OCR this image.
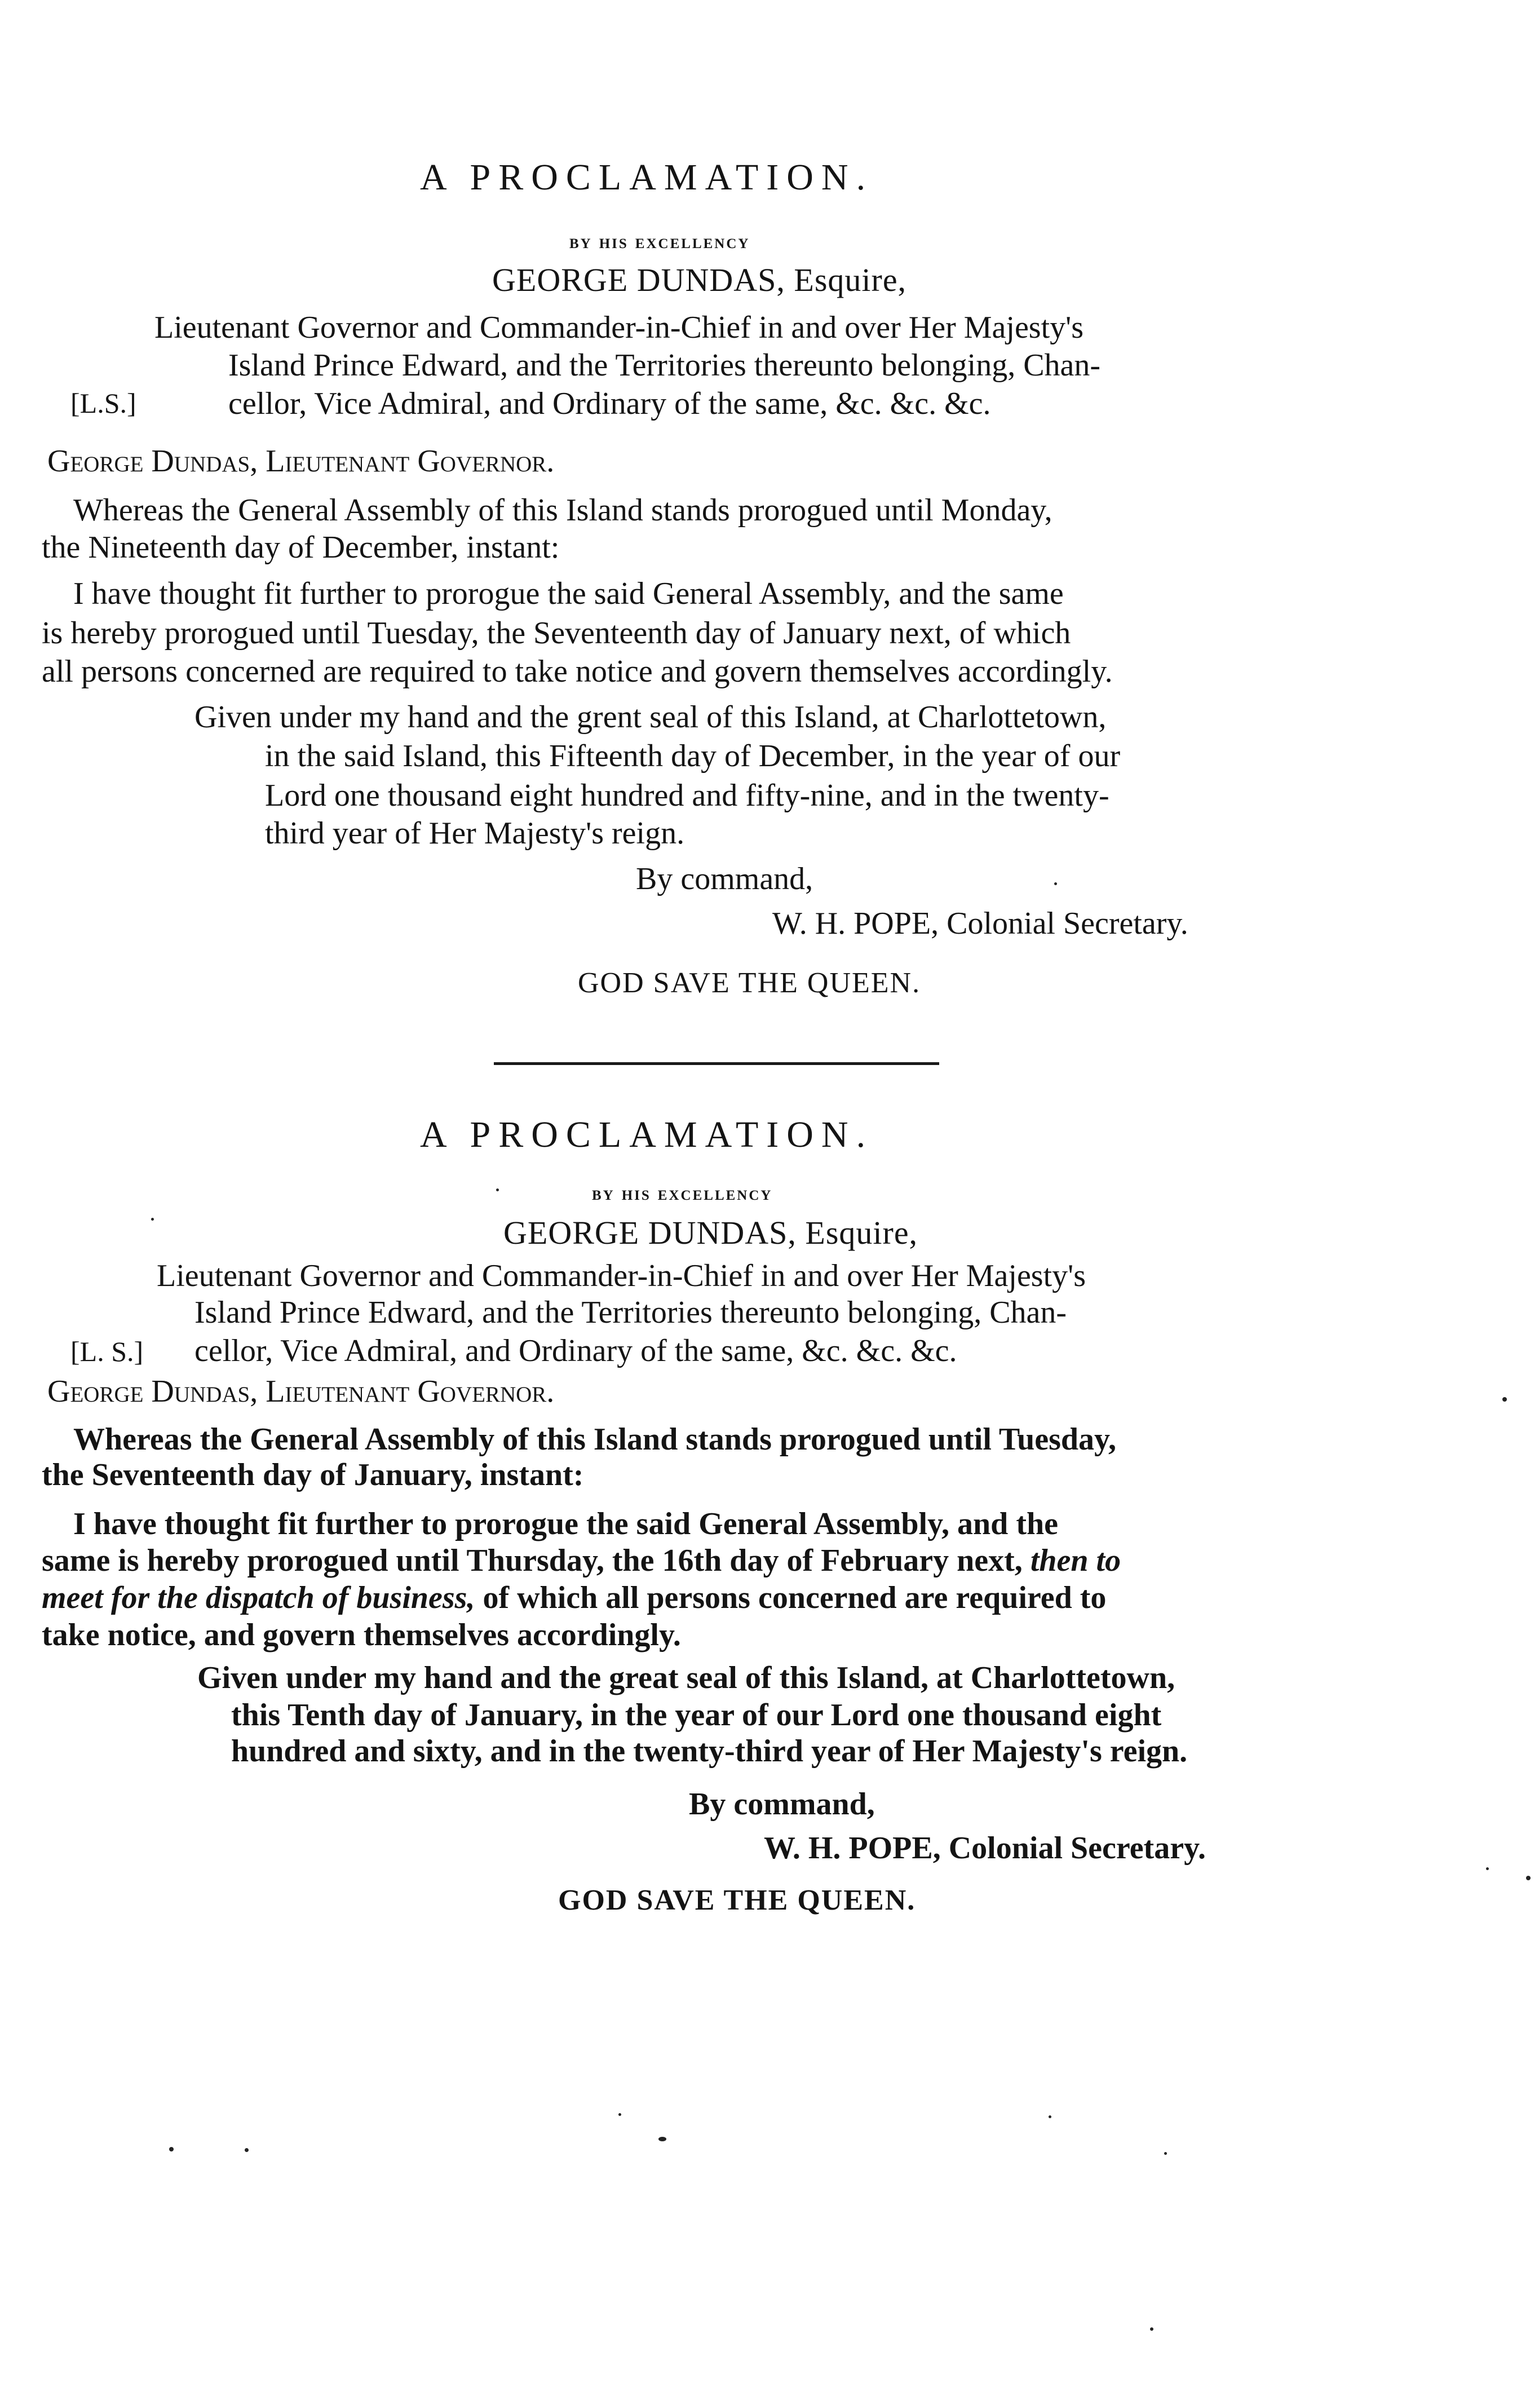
A PROCLAMATION.
by his excellency
GEORGE DUNDAS, Esquire,
Lieutenant Governor and Commander-in-Chief in and over Her Majesty's
Island Prince Edward, and the Territories thereunto belonging, Chan-
[L.S.]	cellor, Vice Admiral, and Ordinary of the same, &c. &c. &c.
George Dundas, Lieutenant Governor.
Whereas the General Assembly of this Island stands prorogued until Monday,
the Nineteenth day of December, instant:
I have thought fit further to prorogue the said General Assembly, and the same
is hereby prorogued until Tuesday, the Seventeenth day of January next, of which
all persons concerned are required to take notice and govern themselves accordingly.
Given under my hand and the grent seal of this Island, at Charlottetown,
in the said Island, this Fifteenth day of December, in the year of our
Lord one thousand eight hundred and fifty-nine, and in the twenty-
third year of Her Majesty's reign.
By command,
W. H. POPE, Colonial Secretary.
GOD SAVE THE QUEEN.
A PROCLAMATION.
by his excellency
GEORGE DUNDAS, Esquire,
Lieutenant Governor and Commander-in-Chief in and over Her Majesty's
Island Prince Edward, and the Territories thereunto belonging, Chan-
[L. S.] cellor, Vice Admiral, and Ordinary of the same, &c. &c. &c.
George Dundas, Lieutenant Governor.
Whereas the General Assembly of this Island stands prorogued until Tuesday,
the Seventeenth day of January, instant:
I have thought fit further to prorogue the said General Assembly, and the
same is hereby prorogued until Thursday, the 16th day of February next, then to
meet for the dispatch of business, of which all persons concerned are required to
take notice, and govern themselves accordingly.
Given under my hand and the great seal of this Island, at Charlottetown,
this Tenth day of January, in the year of our Lord one thousand eight
hundred and sixty, and in the twenty-third year of Her Majesty's reign.
By command,
W. H. POPE, Colonial Secretary.
GOD SAVE THE QUEEN.
